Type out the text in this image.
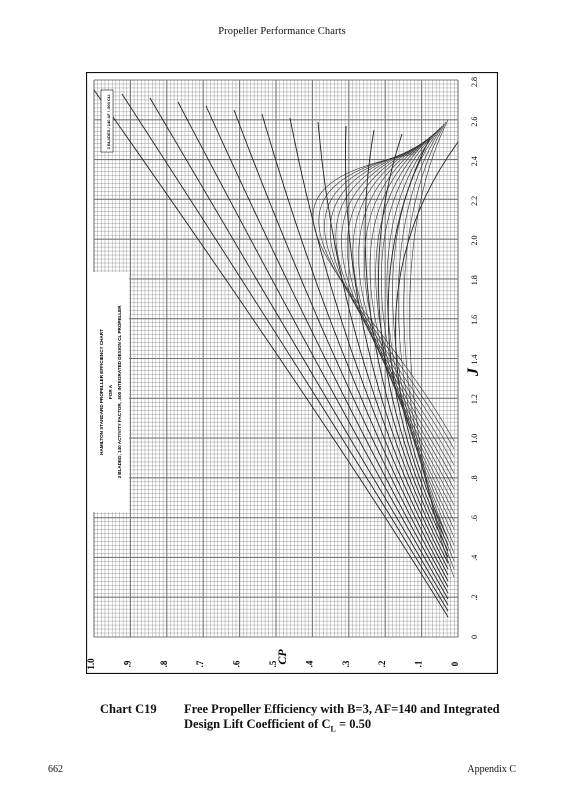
Propeller Performance Charts
HAMILTON STANDARD PROPELLER EFFICIENCY CHART FOR A 3 BLADED, 140 ACTIVITY FACTOR, .500 INTEGRATED DESIGN CL PROPELLER
3 BLADES / 140 AF / .500 CLi
0
.2
.4
.6
.8
1.0
1.2
1.4
1.6
1.8
2.0
2.2
2.4
2.6
2.8
0
.1
.2
.3
.4
.5
.6
.7
.8
.9
1.0
J
CP
Chart C19 Free Propeller Efficiency with B=3, AF=140 and Integrated
Design Lift Coefficient of $C_L = 0.50$
662	Appendix C
